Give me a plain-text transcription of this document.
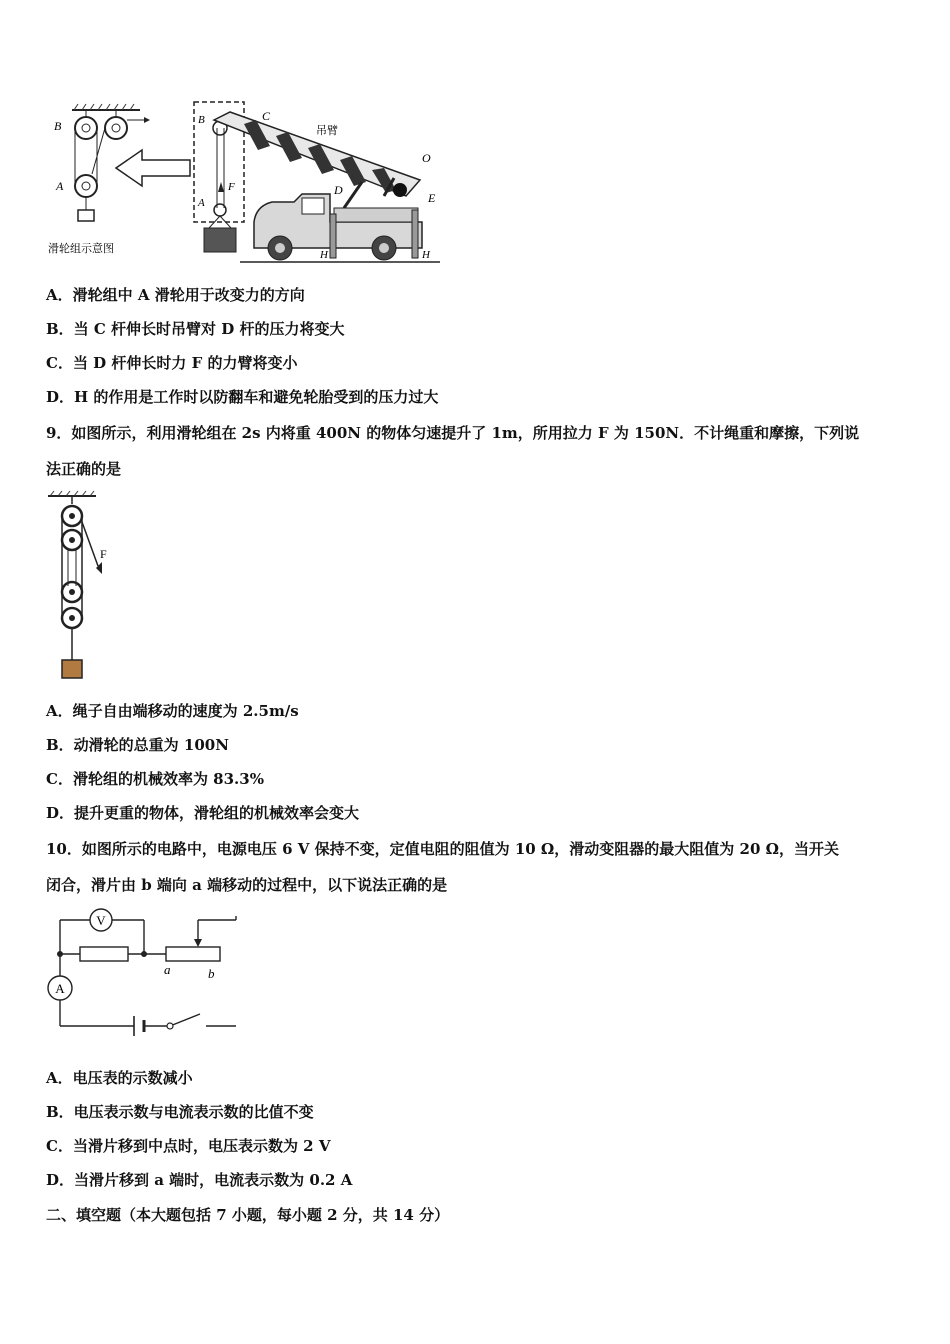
B
A
滑轮组示意图
B
A
F
C
吊臂
O
D
E
H	H
A．滑轮组中 A 滑轮用于改变力的方向
B．当 C 杆伸长时吊臂对 D 杆的压力将变大
C．当 D 杆伸长时力 F 的力臂将变小
D．H 的作用是工作时以防翻车和避免轮胎受到的压力过大
9．如图所示，利用滑轮组在 2s 内将重 400N 的物体匀速提升了 1m，所用拉力 F 为 150N．不计绳重和摩擦，下列说
法正确的是
F
A．绳子自由端移动的速度为 2.5m/s
B．动滑轮的总重为 100N
C．滑轮组的机械效率为 83.3%
D．提升更重的物体，滑轮组的机械效率会变大
10．如图所示的电路中，电源电压 6 V 保持不变，定值电阻的阻值为 10 Ω，滑动变阻器的最大阻值为 20 Ω，当开关
闭合，滑片由 b 端向 a 端移动的过程中，以下说法正确的是
V
A
a	b
A．电压表的示数减小
B．电压表示数与电流表示数的比值不变
C．当滑片移到中点时，电压表示数为 2 V
D．当滑片移到 a 端时，电流表示数为 0.2 A
二、填空题（本大题包括 7 小题，每小题 2 分，共 14 分）
